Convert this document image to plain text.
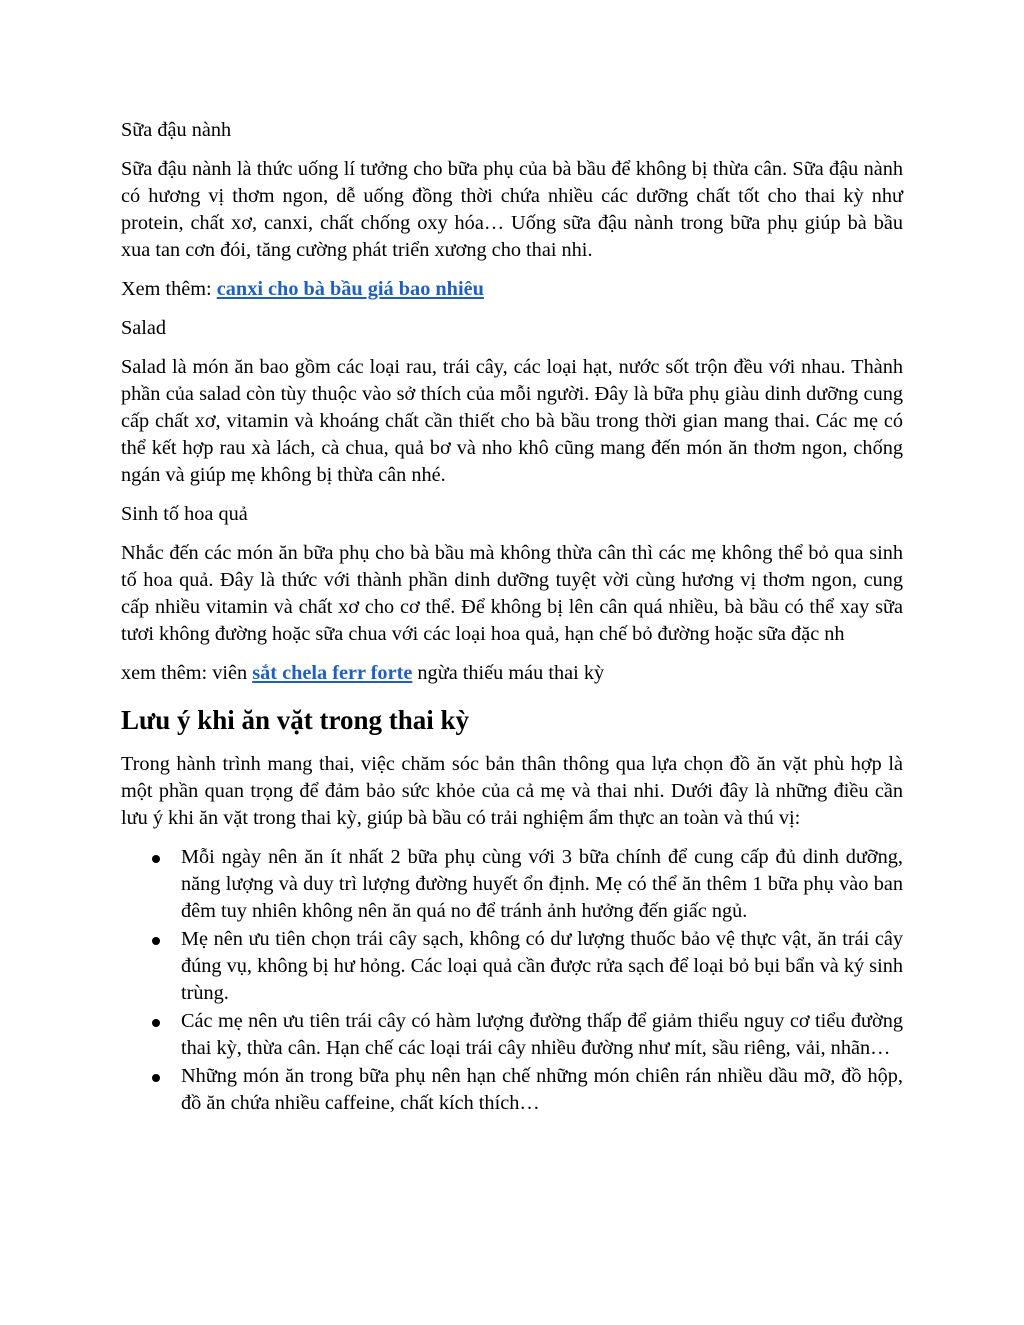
Sữa đậu nành

Sữa đậu nành là thức uống lí tưởng cho bữa phụ của bà bầu để không bị thừa cân. Sữa đậu nành có hương vị thơm ngon, dễ uống đồng thời chứa nhiều các dưỡng chất tốt cho thai kỳ như protein, chất xơ, canxi, chất chống oxy hóa… Uống sữa đậu nành trong bữa phụ giúp bà bầu xua tan cơn đói, tăng cường phát triển xương cho thai nhi.

Xem thêm: canxi cho bà bầu giá bao nhiêu

Salad

Salad là món ăn bao gồm các loại rau, trái cây, các loại hạt, nước sốt trộn đều với nhau. Thành phần của salad còn tùy thuộc vào sở thích của mỗi người. Đây là bữa phụ giàu dinh dưỡng cung cấp chất xơ, vitamin và khoáng chất cần thiết cho bà bầu trong thời gian mang thai. Các mẹ có thể kết hợp rau xà lách, cà chua, quả bơ và nho khô cũng mang đến món ăn thơm ngon, chống ngán và giúp mẹ không bị thừa cân nhé.

Sinh tố hoa quả

Nhắc đến các món ăn bữa phụ cho bà bầu mà không thừa cân thì các mẹ không thể bỏ qua sinh tố hoa quả. Đây là thức với thành phần dinh dưỡng tuyệt vời cùng hương vị thơm ngon, cung cấp nhiều vitamin và chất xơ cho cơ thể. Để không bị lên cân quá nhiều, bà bầu có thể xay sữa tươi không đường hoặc sữa chua với các loại hoa quả, hạn chế bỏ đường hoặc sữa đặc nh

xem thêm: viên sắt chela ferr forte ngừa thiếu máu thai kỳ

Lưu ý khi ăn vặt trong thai kỳ

Trong hành trình mang thai, việc chăm sóc bản thân thông qua lựa chọn đồ ăn vặt phù hợp là một phần quan trọng để đảm bảo sức khỏe của cả mẹ và thai nhi. Dưới đây là những điều cần lưu ý khi ăn vặt trong thai kỳ, giúp bà bầu có trải nghiệm ẩm thực an toàn và thú vị:

Mỗi ngày nên ăn ít nhất 2 bữa phụ cùng với 3 bữa chính để cung cấp đủ dinh dưỡng, năng lượng và duy trì lượng đường huyết ổn định. Mẹ có thể ăn thêm 1 bữa phụ vào ban đêm tuy nhiên không nên ăn quá no để tránh ảnh hưởng đến giấc ngủ.
Mẹ nên ưu tiên chọn trái cây sạch, không có dư lượng thuốc bảo vệ thực vật, ăn trái cây đúng vụ, không bị hư hỏng. Các loại quả cần được rửa sạch để loại bỏ bụi bẩn và ký sinh trùng.
Các mẹ nên ưu tiên trái cây có hàm lượng đường thấp để giảm thiểu nguy cơ tiểu đường thai kỳ, thừa cân. Hạn chế các loại trái cây nhiều đường như mít, sầu riêng, vải, nhãn…
Những món ăn trong bữa phụ nên hạn chế những món chiên rán nhiều dầu mỡ, đồ hộp, đồ ăn chứa nhiều caffeine, chất kích thích…
